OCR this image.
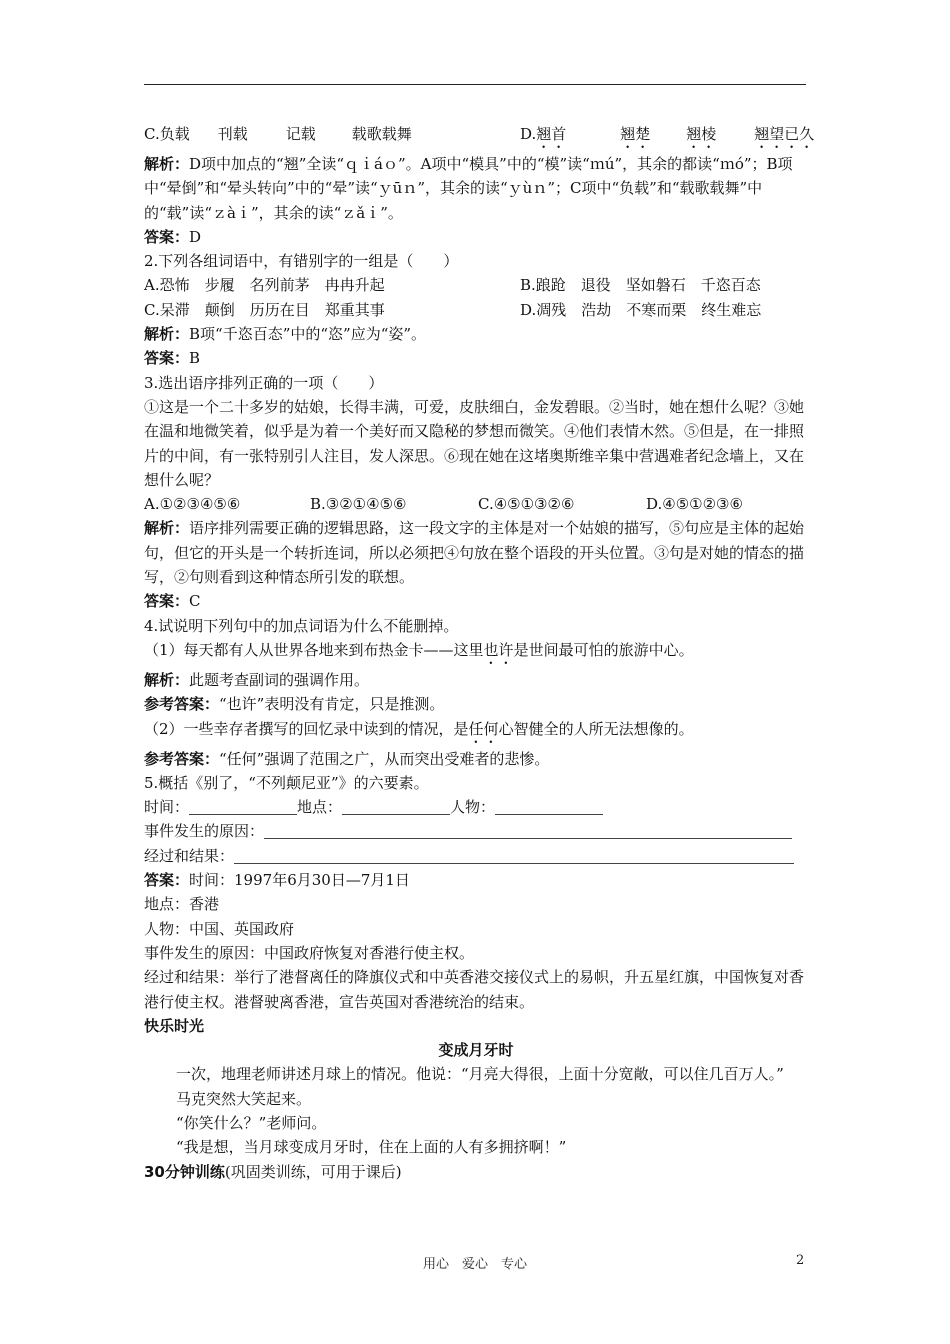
C.负载 刊载	记载 载歌载舞	D.翘首	翘楚 翘棱	翘望已久
解析：D项中加点的“翘”全读“ｑｉáｏ”。A项中“模具”中的“模”读“ｍú”，其余的都读“ｍó”；B项中“晕倒”和“晕头转向”中的“晕”读“ｙūｎ”，其余的读“ｙùｎ”；C项中“负载”和“载歌载舞”中的“载”读“ｚàｉ”，其余的读“ｚǎｉ”。
答案：D
2.下列各组词语中，有错别字的一组是（　　）
A.恐怖　步履　名列前茅　冉冉升起	B.踉跄　退役　坚如磐石　千恣百态
C.呆滞　颠倒　历历在目　郑重其事	D.凋残　浩劫　不寒而栗　终生难忘
解析：B项“千恣百态”中的“恣”应为“姿”。
答案：B
3.选出语序排列正确的一项（　　）
①这是一个二十多岁的姑娘，长得丰满，可爱，皮肤细白，金发碧眼。②当时，她在想什么呢？③她在温和地微笑着，似乎是为着一个美好而又隐秘的梦想而微笑。④他们表情木然。⑤但是，在一排照片的中间，有一张特别引人注目，发人深思。⑥现在她在这堵奥斯维辛集中营遇难者纪念墙上，又在想什么呢？
A.①②③④⑤⑥	B.③②①④⑤⑥	C.④⑤①③②⑥	D.④⑤①②③⑥
解析：语序排列需要正确的逻辑思路，这一段文字的主体是对一个姑娘的描写，⑤句应是主体的起始句，但它的开头是一个转折连词，所以必须把④句放在整个语段的开头位置。③句是对她的情态的描写，②句则看到这种情态所引发的联想。
答案：C
4.试说明下列句中的加点词语为什么不能删掉。
（1）每天都有人从世界各地来到布热金卡——这里也许是世间最可怕的旅游中心。
解析：此题考查副词的强调作用。
参考答案：“也许”表明没有肯定，只是推测。
（2）一些幸存者撰写的回忆录中读到的情况，是任何心智健全的人所无法想像的。
参考答案：“任何”强调了范围之广，从而突出受难者的悲惨。
5.概括《别了，“不列颠尼亚”》的六要素。
时间：	地点：	人物：
事件发生的原因：
经过和结果：
答案：时间：1997年6月30日—7月1日
地点：香港
人物：中国、英国政府
事件发生的原因：中国政府恢复对香港行使主权。
经过和结果：举行了港督离任的降旗仪式和中英香港交接仪式上的易帜，升五星红旗，中国恢复对香港行使主权。港督驶离香港，宣告英国对香港统治的结束。
快乐时光
变成月牙时
一次，地理老师讲述月球上的情况。他说：“月亮大得很，上面十分宽敞，可以住几百万人。”
马克突然大笑起来。
“你笑什么？”老师问。
“我是想，当月球变成月牙时，住在上面的人有多拥挤啊！”
30分钟训练(巩固类训练，可用于课后)
用心　爱心　专心	2
